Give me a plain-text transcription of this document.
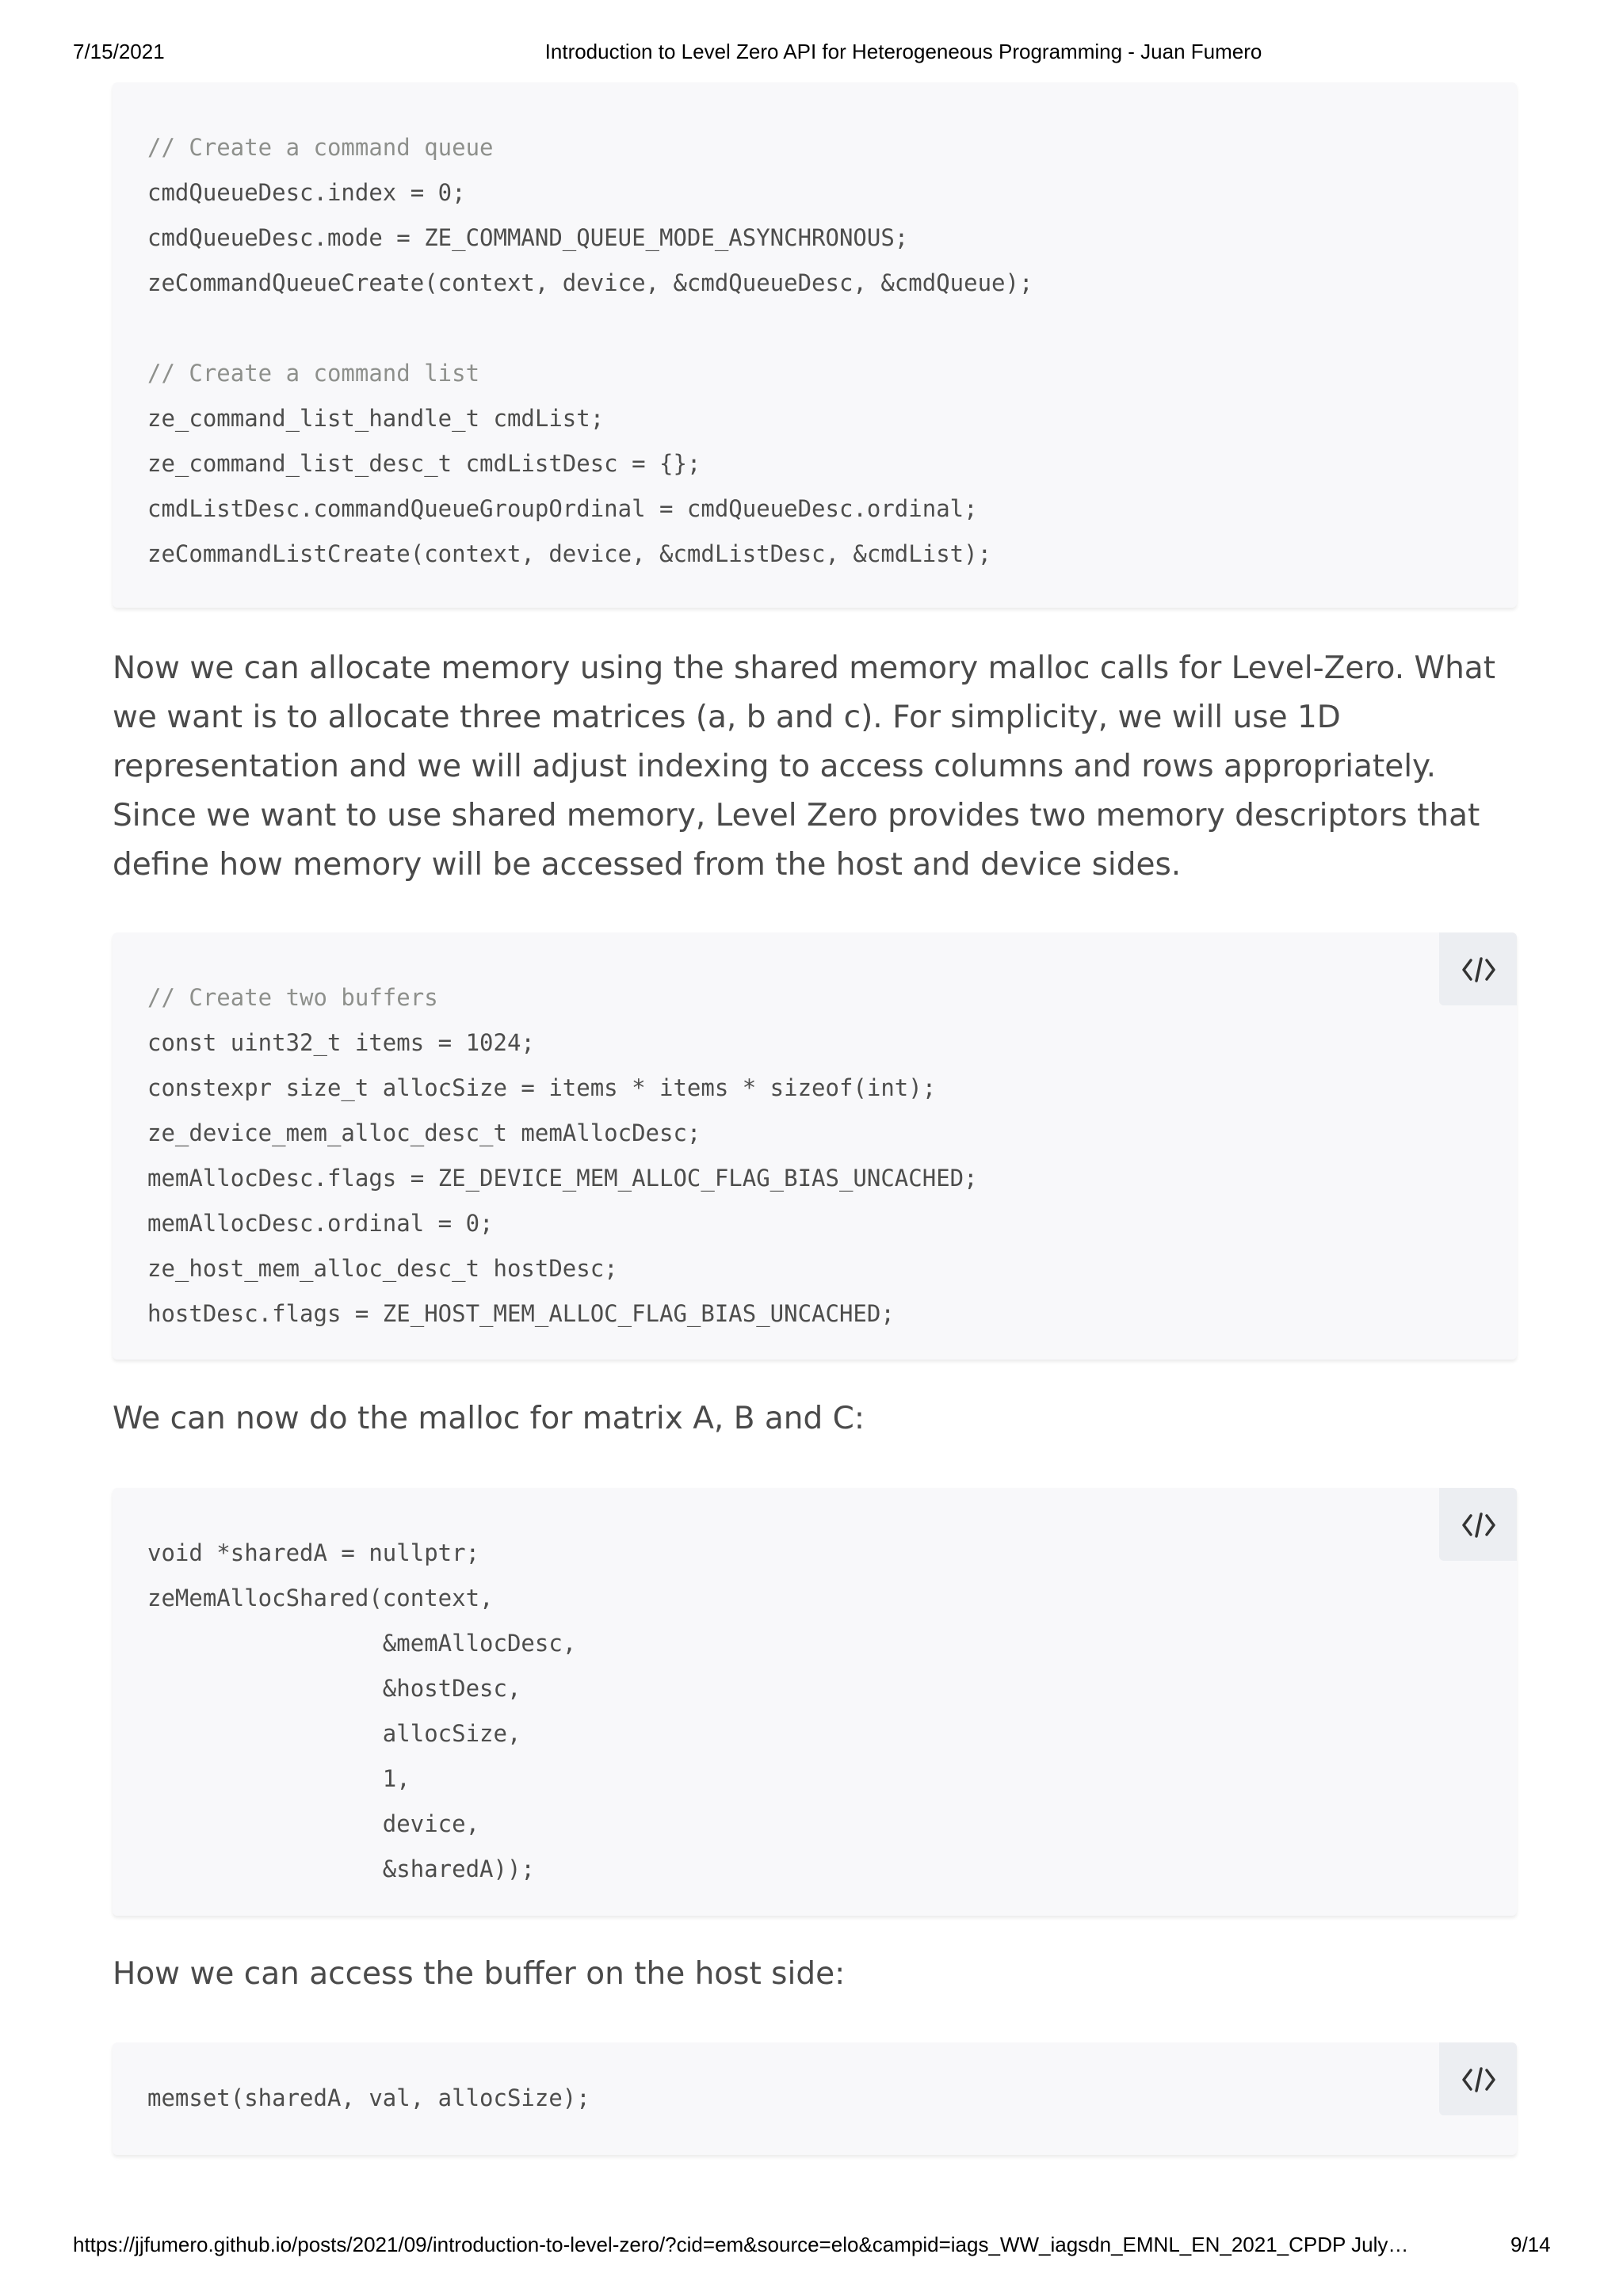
7/15/2021	Introduction to Level Zero API for Heterogeneous Programming - Juan Fumero
// Create a command queue
cmdQueueDesc.index = 0;
cmdQueueDesc.mode = ZE_COMMAND_QUEUE_MODE_ASYNCHRONOUS;
zeCommandQueueCreate(context, device, &cmdQueueDesc, &cmdQueue);

// Create a command list
ze_command_list_handle_t cmdList;
ze_command_list_desc_t cmdListDesc = {};
cmdListDesc.commandQueueGroupOrdinal = cmdQueueDesc.ordinal;
zeCommandListCreate(context, device, &cmdListDesc, &cmdList);

Now we can allocate memory using the shared memory malloc calls for Level-Zero. What we want is to allocate three matrices (a, b and c). For simplicity, we will use 1D representation and we will adjust indexing to access columns and rows appropriately. Since we want to use shared memory, Level Zero provides two memory descriptors that define how memory will be accessed from the host and device sides.

// Create two buffers
const uint32_t items = 1024;
constexpr size_t allocSize = items * items * sizeof(int);
ze_device_mem_alloc_desc_t memAllocDesc;
memAllocDesc.flags = ZE_DEVICE_MEM_ALLOC_FLAG_BIAS_UNCACHED;
memAllocDesc.ordinal = 0;
ze_host_mem_alloc_desc_t hostDesc;
hostDesc.flags = ZE_HOST_MEM_ALLOC_FLAG_BIAS_UNCACHED;

We can now do the malloc for matrix A, B and C:

void *sharedA = nullptr;
zeMemAllocShared(context,
&memAllocDesc,
&hostDesc,
allocSize,
1,
device,
&sharedA));

How we can access the buffer on the host side:

memset(sharedA, val, allocSize);
https://jjfumero.github.io/posts/2021/09/introduction-to-level-zero/?cid=em&source=elo&campid=iags_WW_iagsdn_EMNL_EN_2021_CPDP July…	9/14
